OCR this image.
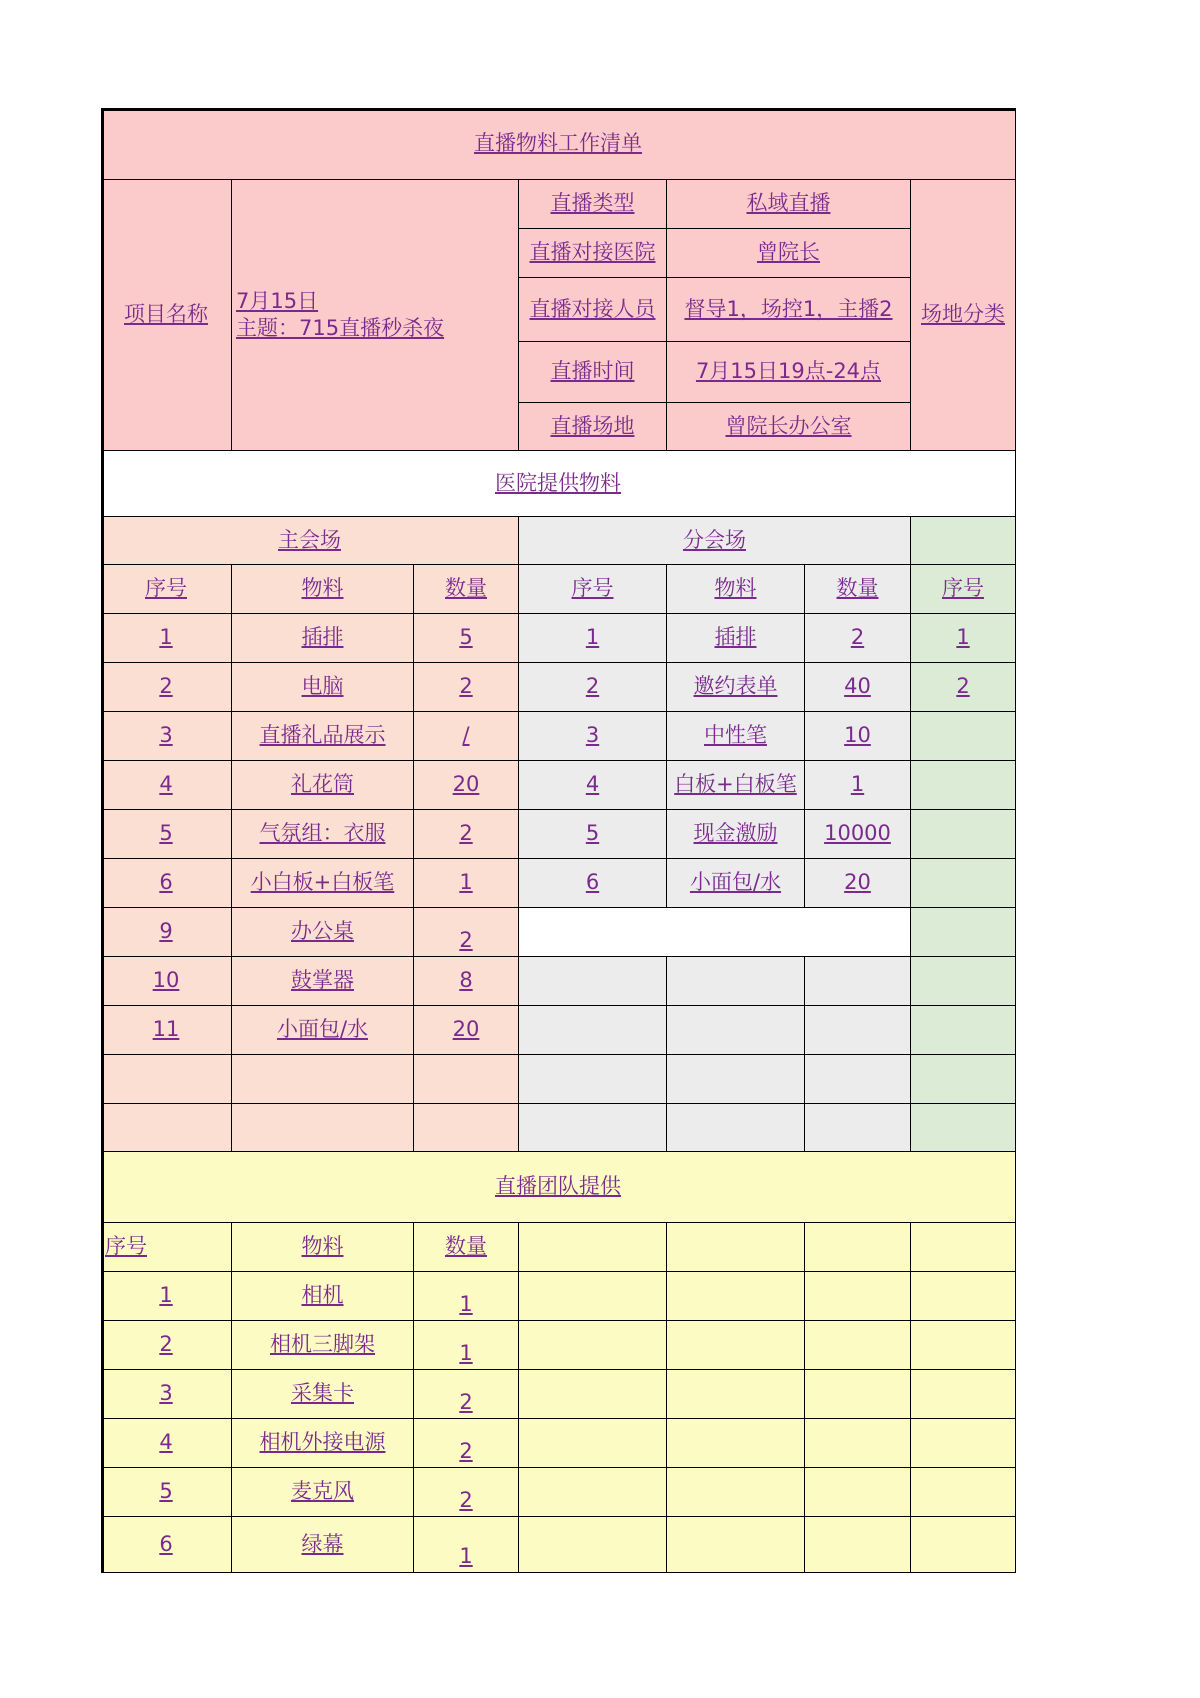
直播物料工作清单
项目名称
7月15日
主题：715直播秒杀夜
直播类型	私域直播
直播对接医院	曾院长
直播对接人员	督导1，场控1，主播2
直播时间	7月15日19点-24点
直播场地	曾院长办公室
场地分类
医院提供物料
主会场	分会场
序号	物料	数量	序号	物料	数量	序号
1	插排	5	1	插排	2	1
2	电脑	2	2	邀约表单	40	2
3	直播礼品展示	/	3	中性笔	10
4	礼花筒	20	4	白板+白板笔	1
5	气氛组：衣服	2	5	现金激励	10000
6	小白板+白板笔	1	6	小面包/水	20
9	办公桌	2
10	鼓掌器	8
11	小面包/水	20
直播团队提供
序号	物料	数量
1	相机	1
2	相机三脚架	1
3	采集卡	2
4	相机外接电源	2
5	麦克风	2
6	绿幕	1
